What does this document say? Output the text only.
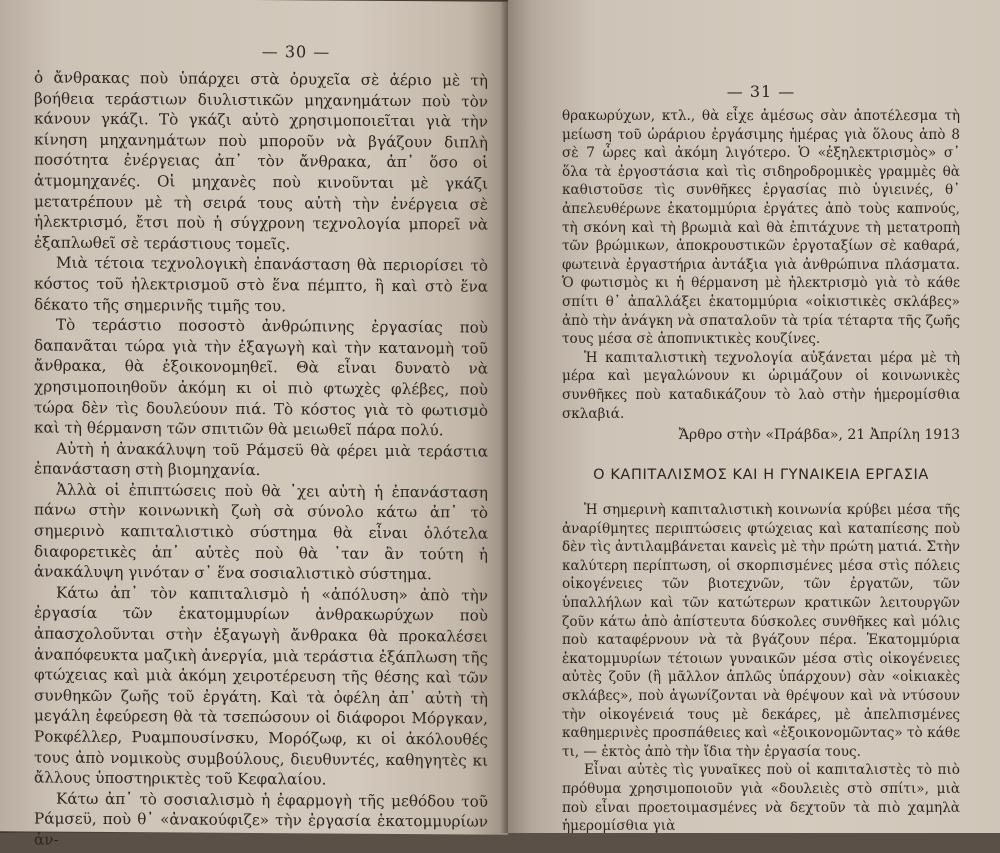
— 30 —

ὁ ἄνθρακας ποὺ ὑπάρχει στὰ ὀρυχεῖα σὲ ἀέριο μὲ τὴ βοήθεια τεράστιων διυλιστικῶν μηχανημάτων ποὺ τὸν κάνουν γκάζι. Τὸ γκάζι αὐτὸ χρησιμοποιεῖται γιὰ τὴν κίνηση μηχανημάτων ποὺ μποροῦν νὰ βγάζουν διπλὴ ποσότητα ἐνέργειας ἀπ᾿ τὸν ἄνθρακα, ἀπ᾿ ὅσο οἱ ἀτμομηχανές. Οἱ μηχανὲς ποὺ κινοῦνται μὲ γκάζι μετατρέπουν μὲ τὴ σειρά τους αὐτὴ τὴν ἐνέργεια σὲ ἠλεκτρισμό, ἔτσι ποὺ ἡ σύγχρονη τεχνολογία μπορεῖ νὰ ἐξαπλωθεῖ σὲ τεράστιους τομεῖς.

Μιὰ τέτοια τεχνολογικὴ ἐπανάσταση θὰ περιορίσει τὸ κόστος τοῦ ἠλεκτρισμοῦ στὸ ἕνα πέμπτο, ἢ καὶ στὸ ἕνα δέκατο τῆς σημερινῆς τιμῆς του.

Τὸ τεράστιο ποσοστὸ ἀνθρώπινης ἐργασίας ποὺ δαπανᾶται τώρα γιὰ τὴν ἐξαγωγὴ καὶ τὴν κατανομὴ τοῦ ἄνθρακα, θὰ ἐξοικονομηθεῖ. Θὰ εἶναι δυνατὸ νὰ χρησιμοποιηθοῦν ἀκόμη κι οἱ πιὸ φτωχὲς φλέβες, ποὺ τώρα δὲν τὶς δουλεύουν πιά. Τὸ κόστος γιὰ τὸ φωτισμὸ καὶ τὴ θέρμανση τῶν σπιτιῶν θὰ μειωθεῖ πάρα πολύ.

Αὐτὴ ἡ ἀνακάλυψη τοῦ Ράμσεϋ θὰ φέρει μιὰ τεράστια ἐπανάσταση στὴ βιομηχανία.

Ἀλλὰ οἱ ἐπιπτώσεις ποὺ θὰ ᾿χει αὐτὴ ἡ ἐπανάσταση πάνω στὴν κοινωνικὴ ζωὴ σὰ σύνολο κάτω ἀπ᾿ τὸ σημερινὸ καπιταλιστικὸ σύστημα θὰ εἶναι ὁλότελα διαφορετικὲς ἀπ᾿ αὐτὲς ποὺ θὰ ᾿ταν ἂν τούτη ἡ ἀνακάλυψη γινόταν σ᾿ ἕνα σοσιαλιστικὸ σύστημα.

Κάτω ἀπ᾿ τὸν καπιταλισμὸ ἡ «ἀπόλυση» ἀπὸ τὴν ἐργασία τῶν ἑκατομμυρίων ἀνθρακωρύχων ποὺ ἀπασχολοῦνται στὴν ἐξαγωγὴ ἄνθρακα θὰ προκαλέσει ἀναπόφευκτα μαζικὴ ἀνεργία, μιὰ τεράστια ἐξάπλωση τῆς φτώχειας καὶ μιὰ ἀκόμη χειροτέρευση τῆς θέσης καὶ τῶν συνθηκῶν ζωῆς τοῦ ἐργάτη. Καὶ τὰ ὀφέλη ἀπ᾿ αὐτὴ τὴ μεγάλη ἐφεύρεση θὰ τὰ τσεπώσουν οἱ διάφοροι Μόργκαν, Ροκφέλλερ, Ρυαμπουσίνσκυ, Μορόζωφ, κι οἱ ἀκόλουθές τους ἀπὸ νομικοὺς συμβούλους, διευθυντές, καθηγητὲς κι ἄλλους ὑποστηρικτὲς τοῦ Κεφαλαίου.

Κάτω ἀπ᾿ τὸ σοσιαλισμὸ ἡ ἐφαρμογὴ τῆς μεθόδου τοῦ Ράμσεϋ, ποὺ θ᾿ «ἀνακούφιζε» τὴν ἐργασία ἑκατομμυρίων ἀν-

— 31 —

θρακωρύχων, κτλ., θὰ εἶχε ἀμέσως σὰν ἀποτέλεσμα τὴ μείωση τοῦ ὡράριου ἐργάσιμης ἡμέρας γιὰ ὅλους ἀπὸ 8 σὲ 7 ὧρες καὶ ἀκόμη λιγότερο. Ὁ «ἐξηλεκτρισμὸς» σ᾿ ὅλα τὰ ἐργοστάσια καὶ τὶς σιδηροδρομικὲς γραμμὲς θὰ καθιστοῦσε τὶς συνθῆκες ἐργασίας πιὸ ὑγιεινές, θ᾿ ἀπελευθέρωνε ἑκατομμύρια ἐργάτες ἀπὸ τοὺς καπνούς, τὴ σκόνη καὶ τὴ βρωμιὰ καὶ θὰ ἐπιτάχυνε τὴ μετατροπὴ τῶν βρώμικων, ἀποκρουστικῶν ἐργοταξίων σὲ καθαρά, φωτεινὰ ἐργαστήρια ἀντάξια γιὰ ἀνθρώπινα πλάσματα. Ὁ φωτισμὸς κι ἡ θέρμανση μὲ ἠλεκτρισμὸ γιὰ τὸ κάθε σπίτι θ᾿ ἀπαλλάξει ἑκατομμύρια «οἰκιστικὲς σκλάβες» ἀπὸ τὴν ἀνάγκη νὰ σπαταλοῦν τὰ τρία τέταρτα τῆς ζωῆς τους μέσα σὲ ἀποπνικτικὲς κουζίνες.

Ἡ καπιταλιστικὴ τεχνολογία αὐξάνεται μέρα μὲ τὴ μέρα καὶ μεγαλώνουν κι ὡριμάζουν οἱ κοινωνικὲς συνθῆκες ποὺ καταδικάζουν τὸ λαὸ στὴν ἡμερομίσθια σκλαβιά.

Ἄρθρο στὴν «Πράβδα», 21 Ἀπρίλη 1913
Ο ΚΑΠΙΤΑΛΙΣΜΟΣ ΚΑΙ Η ΓΥΝΑΙΚΕΙΑ ΕΡΓΑΣΙΑ

Ἡ σημερινὴ καπιταλιστικὴ κοινωνία κρύβει μέσα τῆς ἀναρίθμητες περιπτώσεις φτώχειας καὶ καταπίεσης ποὺ δὲν τὶς ἀντιλαμβάνεται κανεὶς μὲ τὴν πρώτη ματιά. Στὴν καλύτερη περίπτωση, οἱ σκορπισμένες μέσα στὶς πόλεις οἰκογένειες τῶν βιοτεχνῶν, τῶν ἐργατῶν, τῶν ὑπαλλήλων καὶ τῶν κατώτερων κρατικῶν λειτουργῶν ζοῦν κάτω ἀπὸ ἀπίστευτα δύσκολες συνθῆκες καὶ μόλις ποὺ καταφέρνουν νὰ τὰ βγάζουν πέρα. Ἑκατομμύρια ἑκατομμυρίων τέτοιων γυναικῶν μέσα στὶς οἰκογένειες αὐτὲς ζοῦν (ἢ μᾶλλον ἁπλῶς ὑπάρχουν) σὰν «οἰκιακὲς σκλάβες», ποὺ ἀγωνίζονται νὰ θρέψουν καὶ νὰ ντύσουν τὴν οἰκογένειά τους μὲ δεκάρες, μὲ ἀπελπισμένες καθημερινὲς προσπάθειες καὶ «ἐξοικονομῶντας» τὸ κάθε τι, — ἐκτὸς ἀπὸ τὴν ἴδια τὴν ἐργασία τους.

Εἶναι αὐτὲς τὶς γυναῖκες ποὺ οἱ καπιταλιστὲς τὸ πιὸ πρόθυμα χρησιμοποιοῦν γιὰ «δουλειὲς στὸ σπίτι», μιὰ ποὺ εἶναι προετοιμασμένες νὰ δεχτοῦν τὰ πιὸ χαμηλὰ ἡμερομίσθια γιὰ
